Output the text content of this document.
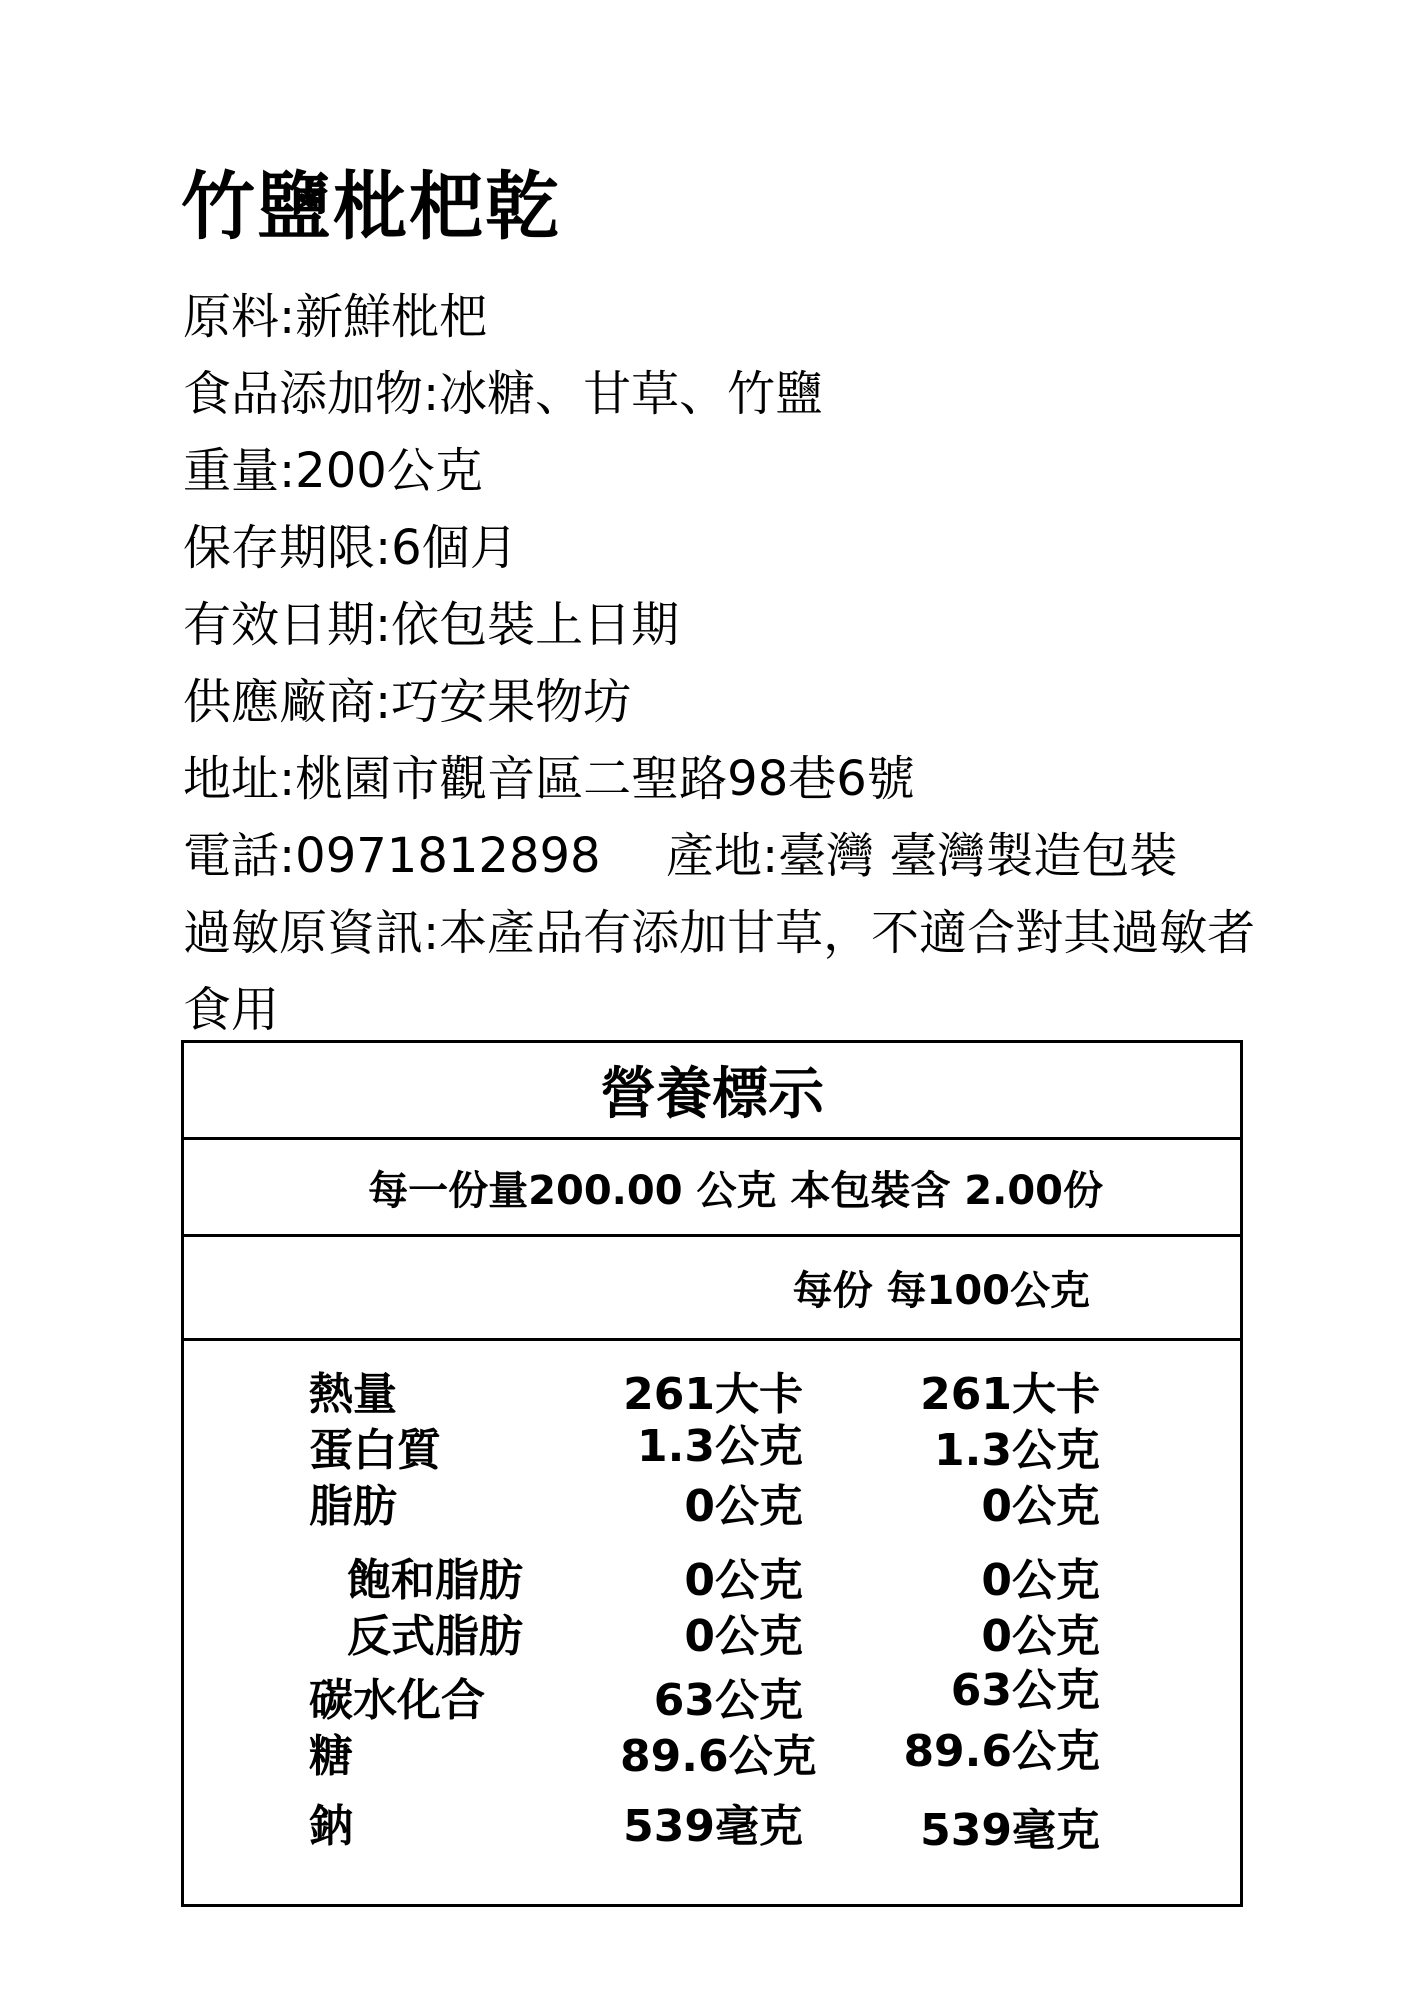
竹鹽枇杷乾
原料:新鮮枇杷
食品添加物:冰糖、甘草、竹鹽
重量:200公克
保存期限:6個月
有效日期:依包裝上日期
供應廠商:巧安果物坊
地址:桃園市觀音區二聖路98巷6號
電話:0971812898 產地:臺灣 臺灣製造包裝
過敏原資訊:本產品有添加甘草，不適合對其過敏者
食用
營養標示
每一份量200.00 公克 本包裝含 2.00份
每份 每100公克
熱量	261大卡	261大卡
蛋白質	1.3公克	1.3公克
脂肪	0公克	0公克
飽和脂肪	0公克	0公克
反式脂肪	0公克	0公克
碳水化合	63公克	63公克
糖	89.6公克	89.6公克
鈉	539毫克	539毫克
